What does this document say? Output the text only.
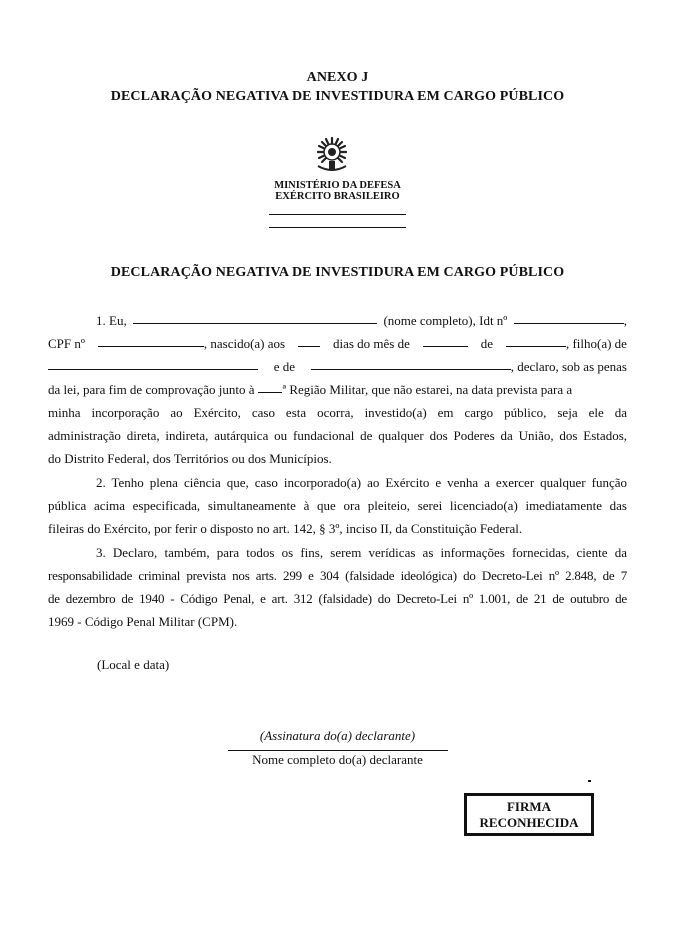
ANEXO J
DECLARAÇÃO NEGATIVA DE INVESTIDURA EM CARGO PÚBLICO
MINISTÉRIO DA DEFESA
EXÉRCITO BRASILEIRO
DECLARAÇÃO NEGATIVA DE INVESTIDURA EM CARGO PÚBLICO
1. Eu,	(nome completo), Idt nº	,
CPF nº	, nascido(a) aos	dias do mês de	de	, filho(a) de
e de	, declaro, sob as penas
da lei, para fim de comprovação junto à ª Região Militar, que não estarei, na data prevista para a
minha incorporação ao Exército, caso esta ocorra, investido(a) em cargo público, seja ele da
administração direta, indireta, autárquica ou fundacional de qualquer dos Poderes da União, dos Estados,
do Distrito Federal, dos Territórios ou dos Municípios.
2. Tenho plena ciência que, caso incorporado(a) ao Exército e venha a exercer qualquer função
pública acima especificada, simultaneamente à que ora pleiteio, serei licenciado(a) imediatamente das
fileiras do Exército, por ferir o disposto no art. 142, § 3º, inciso II, da Constituição Federal.
3. Declaro, também, para todos os fins, serem verídicas as informações fornecidas, ciente da
responsabilidade criminal prevista nos arts. 299 e 304 (falsidade ideológica) do Decreto-Lei nº 2.848, de 7
de dezembro de 1940 - Código Penal, e art. 312 (falsidade) do Decreto-Lei nº 1.001, de 21 de outubro de
1969 - Código Penal Militar (CPM).
(Local e data)
(Assinatura do(a) declarante)
Nome completo do(a) declarante
FIRMA
RECONHECIDA
